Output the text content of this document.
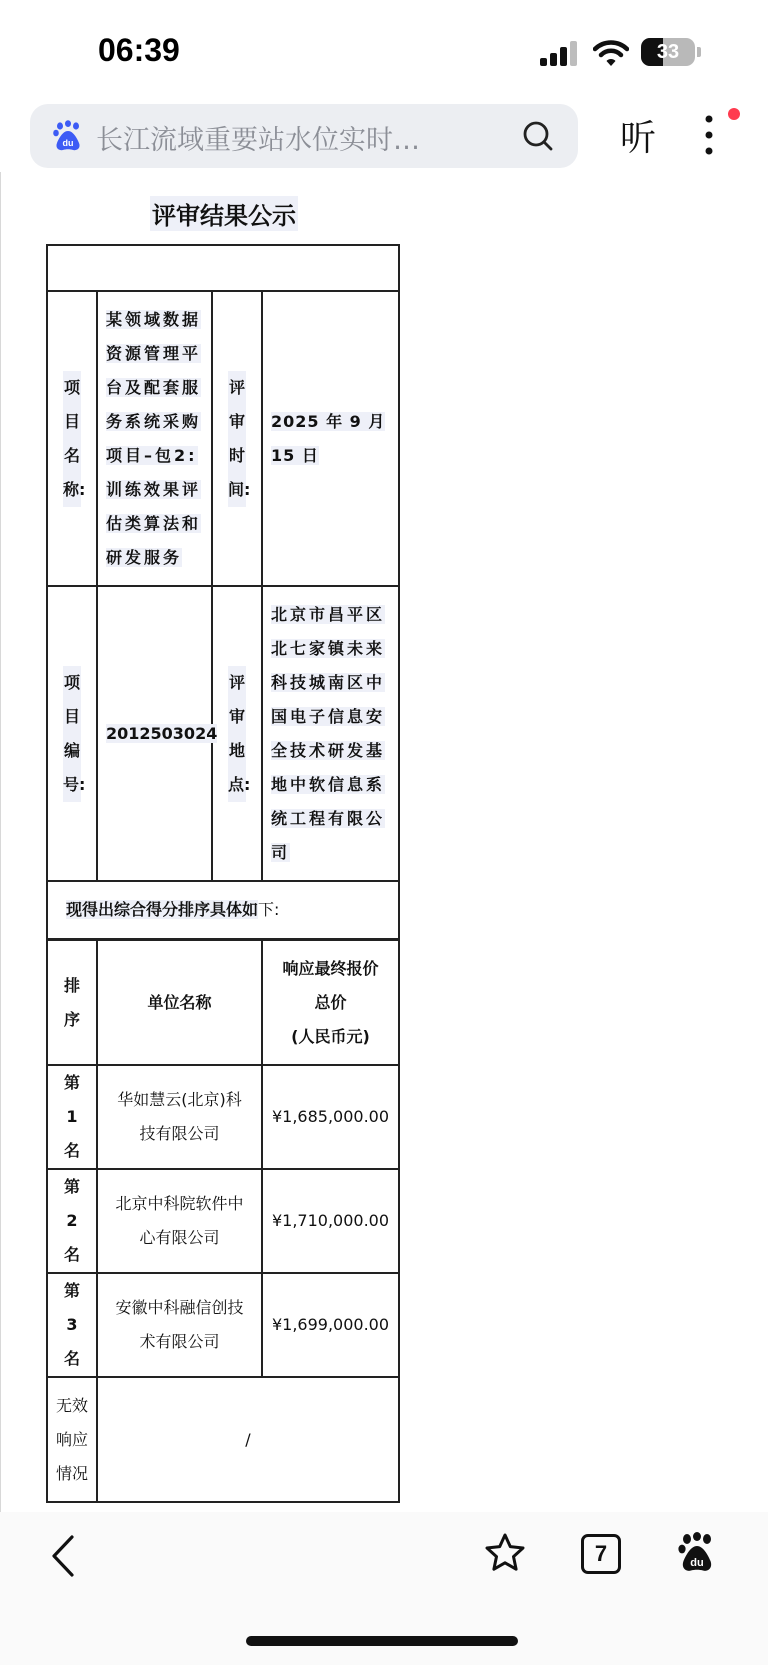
06:39	33
du 长江流域重要站水位实时…	听
评审结果公示

项目名称:	某领域数据资源管理平台及配套服务系统采购项目–包2:训练效果评估类算法和研发服务	评审时间:	2025 年 9 月 15 日
项目编号:	2012503024	评审地点:	北京市昌平区北七家镇未来科技城南区中国电子信息安全技术研发基地中软信息系统工程有限公司
现得出综合得分排序具体如下:			
排序	单位名称	响应最终报价
总价
(人民币元)

第1名	华如慧云(北京)科技有限公司	¥1,685,000.00
第2名	北京中科院软件中心有限公司	¥1,710,000.00
第3名	安徽中科融信创技术有限公司	¥1,699,000.00
无效响应情况	/	
7	du
